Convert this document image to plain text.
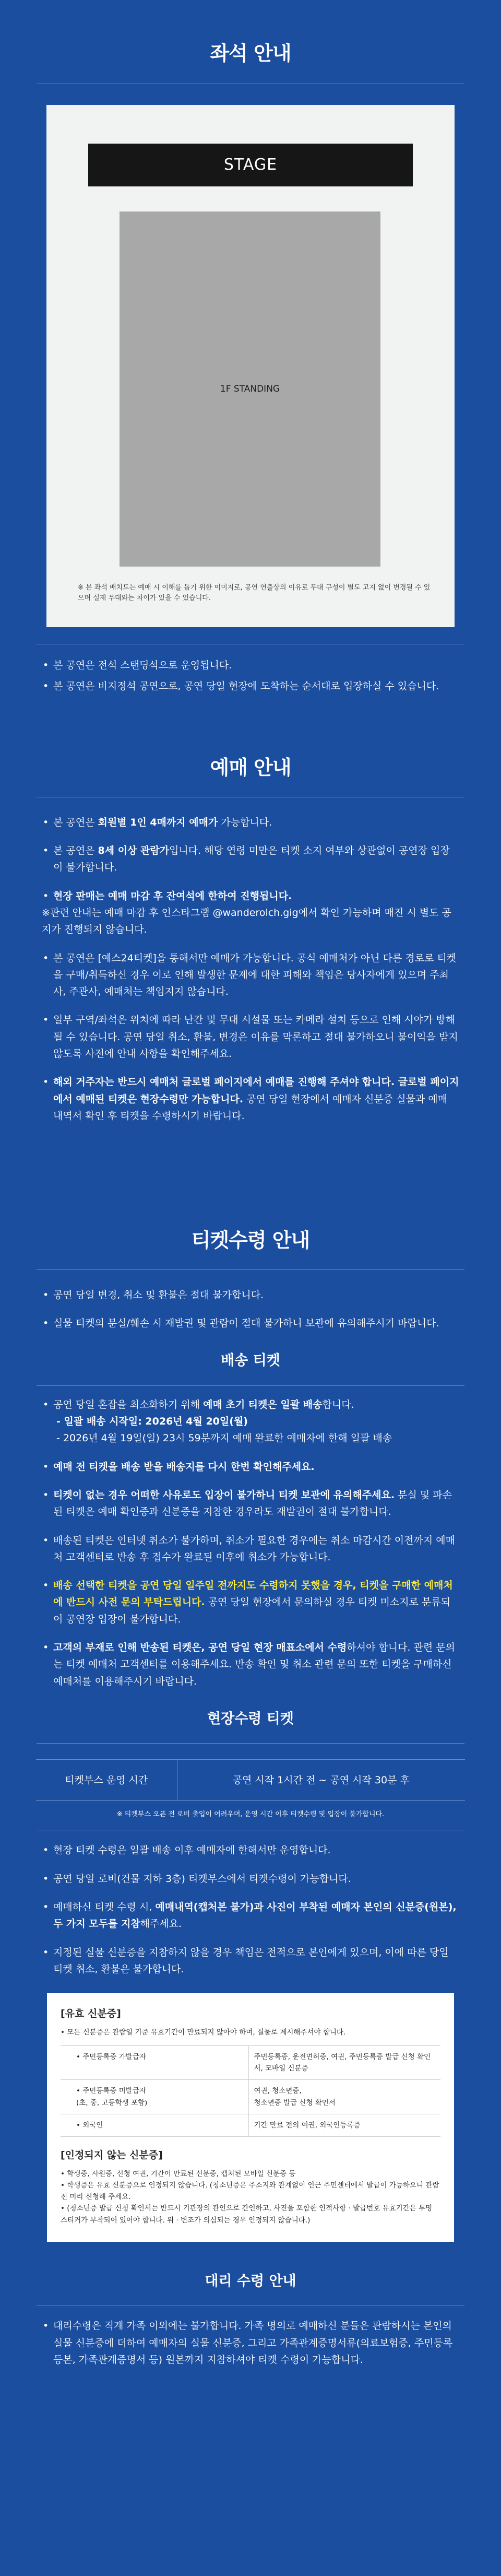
좌석 안내
STAGE
1F STANDING
※ 본 좌석 배치도는 예매 시 이해를 돕기 위한 이미지로, 공연 연출상의 이유로 무대 구성이 별도 고지 없이 변경될 수 있으며 실제 무대와는 차이가 있을 수 있습니다.
• 본 공연은 전석 스탠딩석으로 운영됩니다.
• 본 공연은 비지정석 공연으로, 공연 당일 현장에 도착하는 순서대로 입장하실 수 있습니다.
예매 안내
• 본 공연은 회원별 1인 4매까지 예매가 가능합니다.
• 본 공연은 8세 이상 관람가입니다. 해당 연령 미만은 티켓 소지 여부와 상관없이 공연장 입장이 불가합니다.
• 현장 판매는 예매 마감 후 잔여석에 한하여 진행됩니다.
※관련 안내는 예매 마감 후 인스타그램 @wanderolch.gig에서 확인 가능하며 매진 시 별도 공지가 진행되지 않습니다.
• 본 공연은 [예스24티켓]을 통해서만 예매가 가능합니다. 공식 예매처가 아닌 다른 경로로 티켓을 구매/취득하신 경우 이로 인해 발생한 문제에 대한 피해와 책임은 당사자에게 있으며 주최사, 주관사, 예매처는 책임지지 않습니다.
• 일부 구역/좌석은 위치에 따라 난간 및 무대 시설물 또는 카메라 설치 등으로 인해 시야가 방해될 수 있습니다. 공연 당일 취소, 환불, 변경은 이유를 막론하고 절대 불가하오니 불이익을 받지 않도록 사전에 안내 사항을 확인해주세요.
• 해외 거주자는 반드시 예매처 글로벌 페이지에서 예매를 진행해 주셔야 합니다. 글로벌 페이지에서 예매된 티켓은 현장수령만 가능합니다. 공연 당일 현장에서 예매자 신분증 실물과 예매 내역서 확인 후 티켓을 수령하시기 바랍니다.
티켓수령 안내
• 공연 당일 변경, 취소 및 환불은 절대 불가합니다.
• 실물 티켓의 분실/훼손 시 재발권 및 관람이 절대 불가하니 보관에 유의해주시기 바랍니다.
배송 티켓
• 공연 당일 혼잡을 최소화하기 위해 예매 초기 티켓은 일괄 배송합니다.
- 일괄 배송 시작일: 2026년 4월 20일(월)
- 2026년 4월 19일(일) 23시 59분까지 예매 완료한 예매자에 한해 일괄 배송
• 예매 전 티켓을 배송 받을 배송지를 다시 한번 확인해주세요.
• 티켓이 없는 경우 어떠한 사유로도 입장이 불가하니 티켓 보관에 유의해주세요. 분실 및 파손된 티켓은 예매 확인증과 신분증을 지참한 경우라도 재발권이 절대 불가합니다.
• 배송된 티켓은 인터넷 취소가 불가하며, 취소가 필요한 경우에는 취소 마감시간 이전까지 예매처 고객센터로 반송 후 접수가 완료된 이후에 취소가 가능합니다.
• 배송 선택한 티켓을 공연 당일 일주일 전까지도 수령하지 못했을 경우, 티켓을 구매한 예매처에 반드시 사전 문의 부탁드립니다. 공연 당일 현장에서 문의하실 경우 티켓 미소지로 분류되어 공연장 입장이 불가합니다.
• 고객의 부재로 인해 반송된 티켓은, 공연 당일 현장 매표소에서 수령하셔야 합니다. 관련 문의는 티켓 예매처 고객센터를 이용해주세요. 반송 확인 및 취소 관련 문의 또한 티켓을 구매하신 예매처를 이용해주시기 바랍니다.
현장수령 티켓
티켓부스 운영 시간	공연 시작 1시간 전 ~ 공연 시작 30분 후
※ 티켓부스 오픈 전 로비 출입이 어려우며, 운영 시간 이후 티켓수령 및 입장이 불가합니다.
• 현장 티켓 수령은 일괄 배송 이후 예매자에 한해서만 운영합니다.
• 공연 당일 로비(건물 지하 3층) 티켓부스에서 티켓수령이 가능합니다.
• 예매하신 티켓 수령 시, 예매내역(캡처본 불가)과 사진이 부착된 예매자 본인의 신분증(원본), 두 가지 모두를 지참해주세요.
• 지정된 실물 신분증을 지참하지 않을 경우 책임은 전적으로 본인에게 있으며, 이에 따른 당일 티켓 취소, 환불은 불가합니다.
[유효 신분증]
• 모든 신분증은 관람일 기준 유효기간이 만료되지 않아야 하며, 실물로 제시해주셔야 합니다.
• 주민등록증 가발급자	주민등록증, 운전면허증, 여권, 주민등록증 발급 신청 확인서, 모바일 신분증
• 주민등록증 미발급자
(초, 중, 고등학생 포함)	여권, 청소년증,
청소년증 발급 신청 확인서
• 외국인	기간 만료 전의 여권, 외국인등록증
[인정되지 않는 신분증]
• 학생증, 사원증, 신청 여권, 기간이 만료된 신분증, 캡처된 모바일 신분증 등
• 학생증은 유효 신분증으로 인정되지 않습니다. (청소년증은 주소지와 관계없이 인근 주민센터에서 발급이 가능하오니 관람 전 미리 신청해 주세요.
• (청소년증 발급 신청 확인서는 반드시 기관장의 관인으로 간인하고, 사진을 포함한 인적사항 · 발급번호 유효기간은 투명 스티커가 부착되어 있어야 합니다. 위 · 변조가 의심되는 경우 인정되지 않습니다.)
대리 수령 안내
• 대리수령은 직계 가족 이외에는 불가합니다. 가족 명의로 예매하신 분들은 관람하시는 본인의 실물 신분증에 더하여 예매자의 실물 신분증, 그리고 가족관계증명서류(의료보험증, 주민등록등본, 가족관계증명서 등) 원본까지 지참하셔야 티켓 수령이 가능합니다.
